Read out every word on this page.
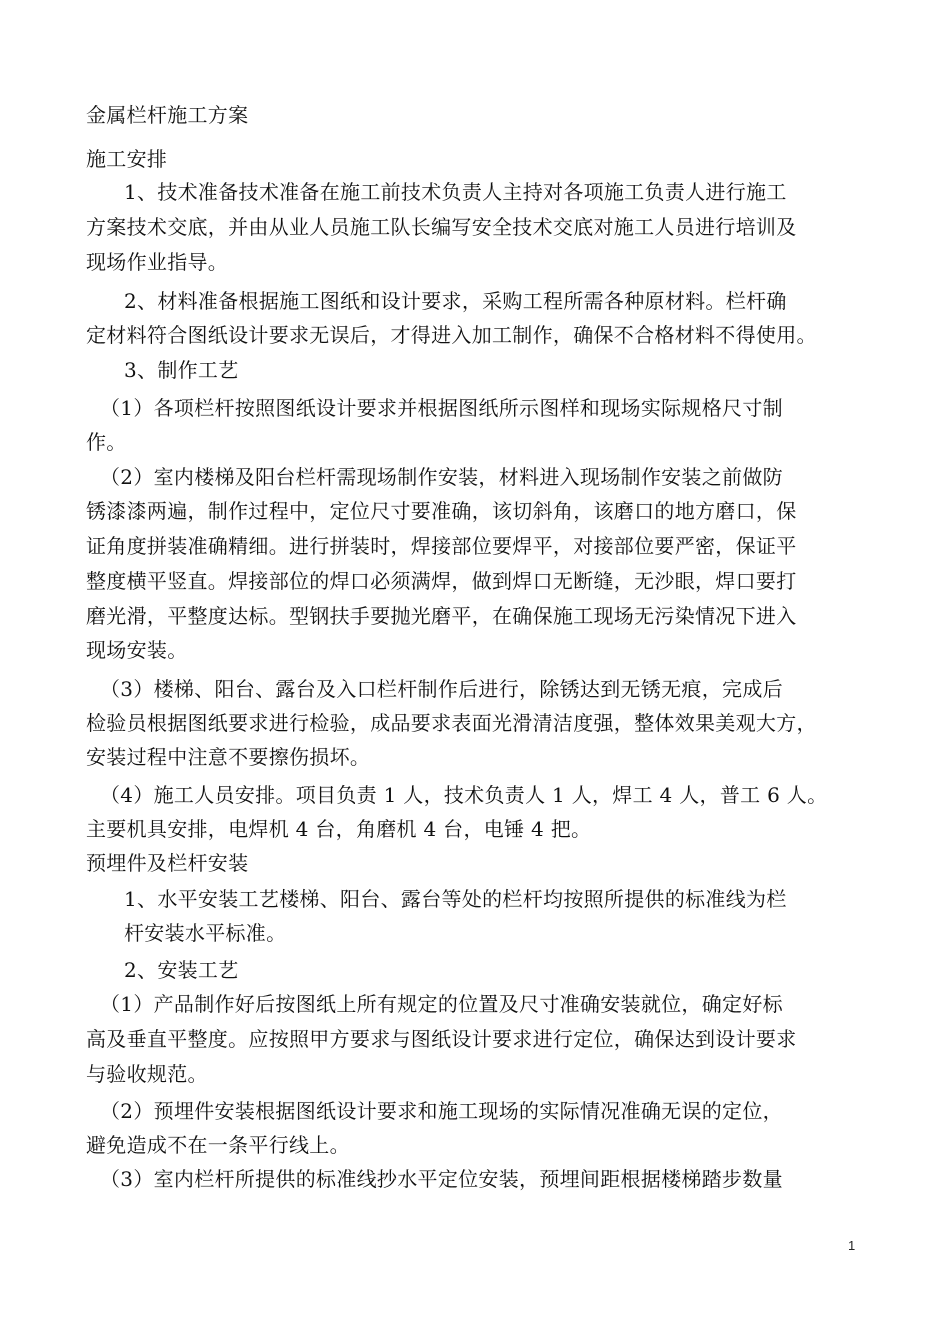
金属栏杆施工方案
施工安排
1、技术准备技术准备在施工前技术负责人主持对各项施工负责人进行施工
方案技术交底，并由从业人员施工队长编写安全技术交底对施工人员进行培训及
现场作业指导。
2、材料准备根据施工图纸和设计要求，采购工程所需各种原材料。栏杆确
定材料符合图纸设计要求无误后，才得进入加工制作，确保不合格材料不得使用。
3、制作工艺
（1）各项栏杆按照图纸设计要求并根据图纸所示图样和现场实际规格尺寸制
作。
（2）室内楼梯及阳台栏杆需现场制作安装，材料进入现场制作安装之前做防
锈漆漆两遍，制作过程中，定位尺寸要准确，该切斜角，该磨口的地方磨口，保
证角度拼装准确精细。进行拼装时，焊接部位要焊平，对接部位要严密，保证平
整度横平竖直。焊接部位的焊口必须满焊，做到焊口无断缝，无沙眼，焊口要打
磨光滑，平整度达标。型钢扶手要抛光磨平，在确保施工现场无污染情况下进入
现场安装。
（3）楼梯、阳台、露台及入口栏杆制作后进行，除锈达到无锈无痕，完成后
检验员根据图纸要求进行检验，成品要求表面光滑清洁度强，整体效果美观大方，
安装过程中注意不要擦伤损坏。
（4）施工人员安排。项目负责 1 人，技术负责人 1 人，焊工 4 人，普工 6 人。
主要机具安排，电焊机 4 台，角磨机 4 台，电锤 4 把。
预埋件及栏杆安装
1、水平安装工艺楼梯、阳台、露台等处的栏杆均按照所提供的标准线为栏
杆安装水平标准。
2、安装工艺
（1）产品制作好后按图纸上所有规定的位置及尺寸准确安装就位，确定好标
高及垂直平整度。应按照甲方要求与图纸设计要求进行定位，确保达到设计要求
与验收规范。
（2）预埋件安装根据图纸设计要求和施工现场的实际情况准确无误的定位，
避免造成不在一条平行线上。
（3）室内栏杆所提供的标准线抄水平定位安装，预埋间距根据楼梯踏步数量
1
